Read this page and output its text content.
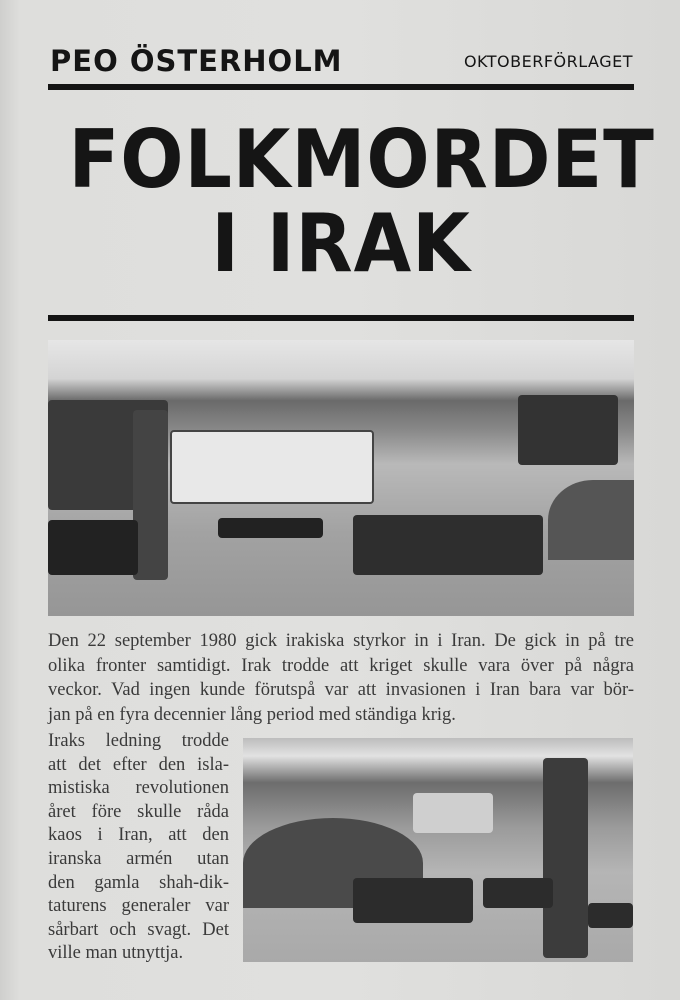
PEO ÖSTERHOLM	OKTOBERFÖRLAGET
FOLKMORDET
I IRAK
Den 22 september 1980 gick irakiska styrkor in i Iran. De gick in på tre
olika fronter samtidigt. Irak trodde att kriget skulle vara över på några
veckor. Vad ingen kunde förutspå var att invasionen i Iran bara var bör-
jan på en fyra decennier lång period med ständiga krig.
Iraks ledning trodde
att det efter den isla-
mistiska revolutionen
året före skulle råda
kaos i Iran, att den
iranska armén utan
den gamla shah-dik-
taturens generaler var
sårbart och svagt. Det
ville man utnyttja.
